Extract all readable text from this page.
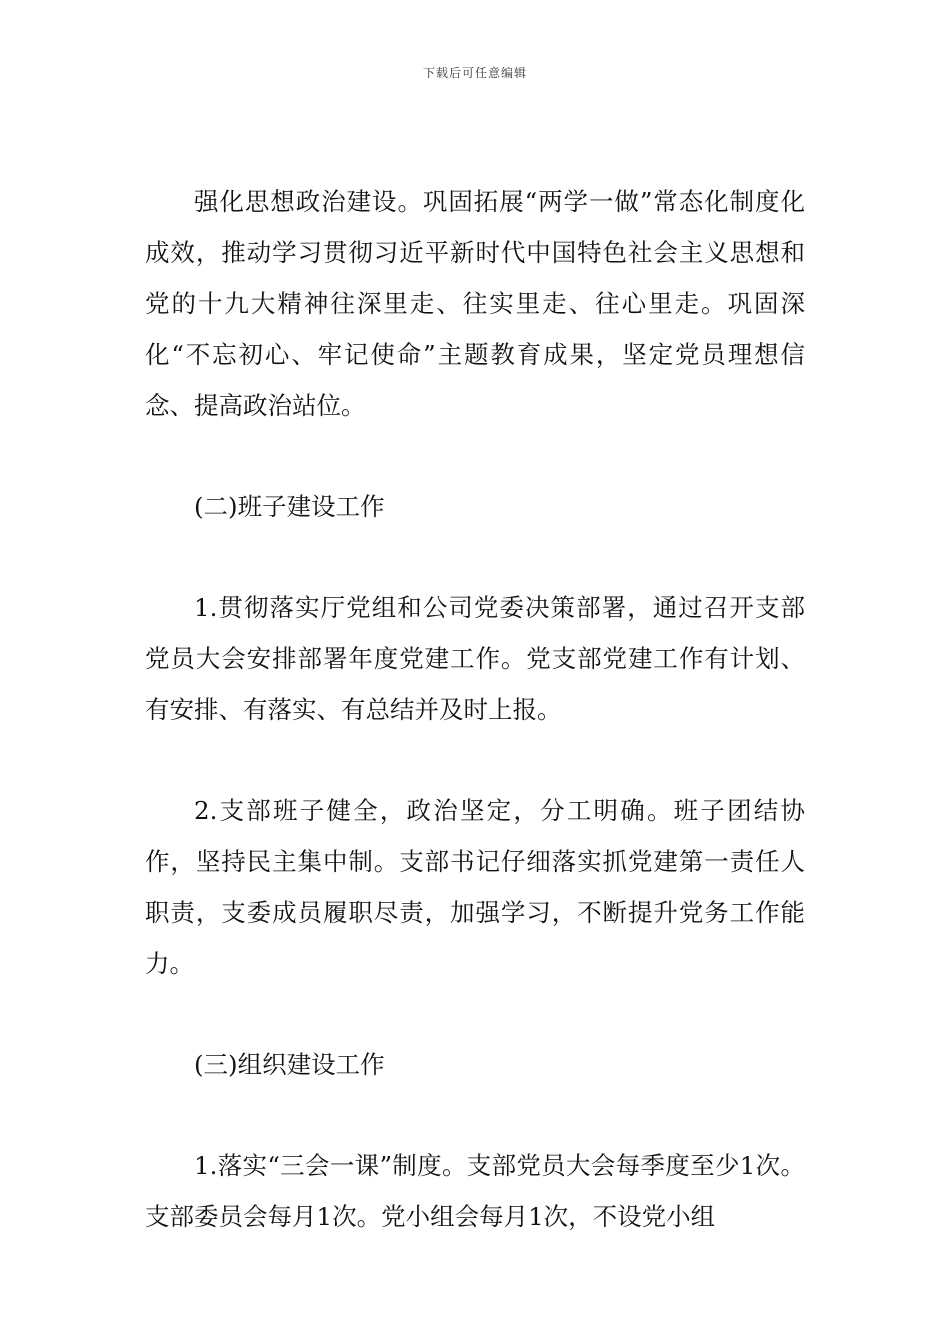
下载后可任意编辑

强化思想政治建设。巩固拓展“两学一做”常态化制度化成效，推动学习贯彻习近平新时代中国特色社会主义思想和党的十九大精神往深里走、往实里走、往心里走。巩固深化“不忘初心、牢记使命”主题教育成果，坚定党员理想信念、提高政治站位。

(二)班子建设工作

1.贯彻落实厅党组和公司党委决策部署，通过召开支部党员大会安排部署年度党建工作。党支部党建工作有计划、有安排、有落实、有总结并及时上报。

2.支部班子健全，政治坚定，分工明确。班子团结协作，坚持民主集中制。支部书记仔细落实抓党建第一责任人职责，支委成员履职尽责，加强学习，不断提升党务工作能力。

(三)组织建设工作

1.落实“三会一课”制度。支部党员大会每季度至少1次。支部委员会每月1次。党小组会每月1次，不设党小组
